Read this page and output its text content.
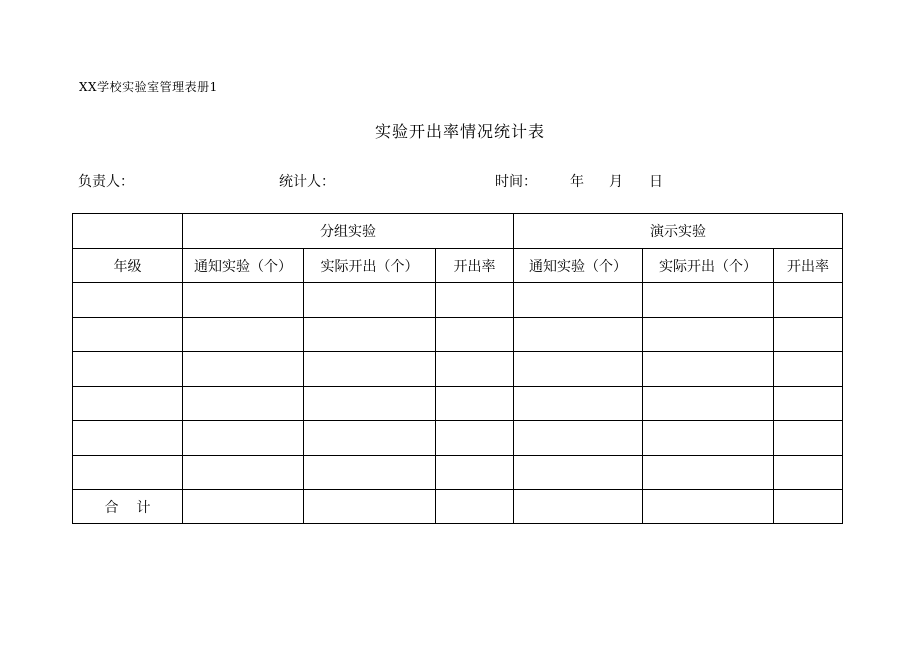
XX学校实验室管理表册1
实验开出率情况统计表
负责人：	统计人：	时间： 年 月 日
	分组实验			演示实验		
年级	通知实验（个）	实际开出（个）	开出率	通知实验（个）	实际开出（个）	开出率

合计						
